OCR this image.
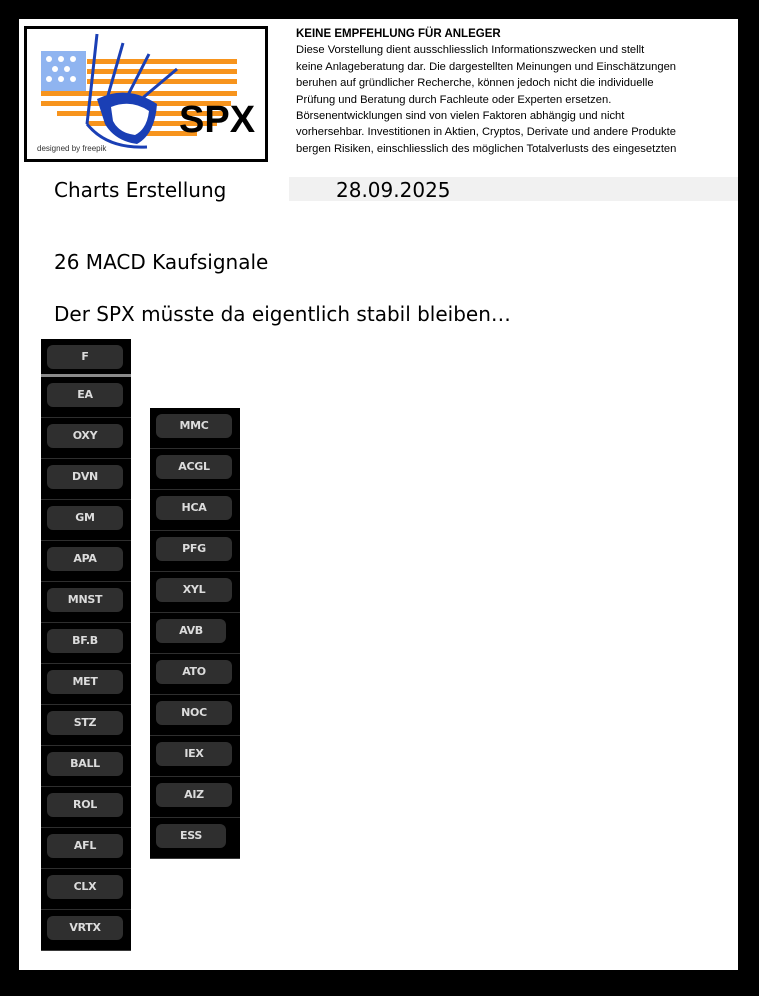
SPX
designed by freepik
KEINE EMPFEHLUNG FÜR ANLEGER
Diese Vorstellung dient ausschliesslich Informationszwecken und stellt
keine Anlageberatung dar. Die dargestellten Meinungen und Einschätzungen
beruhen auf gründlicher Recherche, können jedoch nicht die individuelle
Prüfung und Beratung durch Fachleute oder Experten ersetzen.
Börsenentwicklungen sind von vielen Faktoren abhängig und nicht
vorhersehbar. Investitionen in Aktien, Cryptos, Derivate und andere Produkte
bergen Risiken, einschliesslich des möglichen Totalverlusts des eingesetzten
Charts Erstellung	28.09.2025
26 MACD Kaufsignale
Der SPX müsste da eigentlich stabil bleiben…
F
EA
OXY
DVN
GM
APA
MNST
BF.B
MET
STZ
BALL
ROL
AFL
CLX
VRTX
MMC
ACGL
HCA
PFG
XYL
AVB
ATO
NOC
IEX
AIZ
ESS
